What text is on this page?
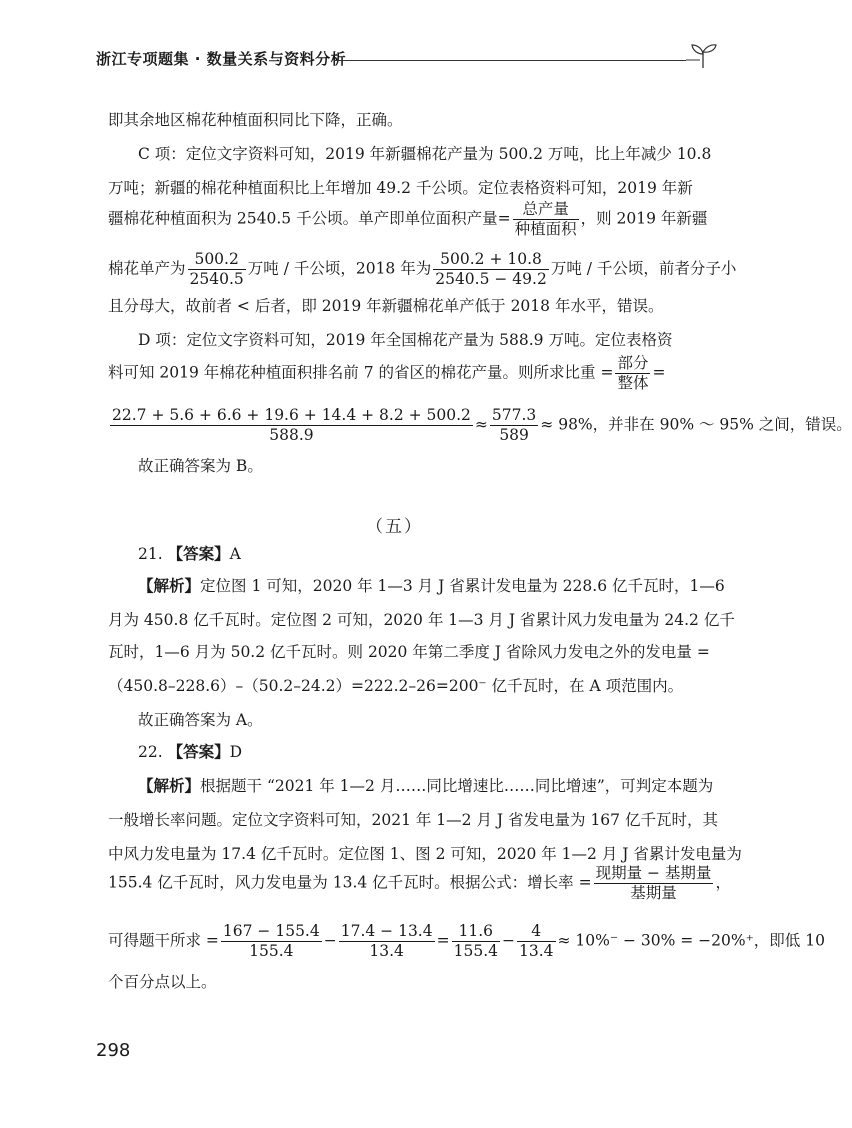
浙江专项题集 · 数量关系与资料分析
即其余地区棉花种植面积同比下降，正确。
C 项：定位文字资料可知，2019 年新疆棉花产量为 500.2 万吨，比上年减少 10.8
万吨；新疆的棉花种植面积比上年增加 49.2 千公顷。定位表格资料可知，2019 年新
疆棉花种植面积为 2540.5 千公顷。单产即单位面积产量= $\frac{\text{总产量}}{\text{种植面积}}$ ，则 2019 年新疆
棉花单产为 $\frac{500.2}{2540.5}$ 万吨 / 千公顷，2018 年为 $\frac{500.2 + 10.8}{2540.5 - 49.2}$ 万吨 / 千公顷，前者分子小
且分母大，故前者 < 后者，即 2019 年新疆棉花单产低于 2018 年水平，错误。
D 项：定位文字资料可知，2019 年全国棉花产量为 588.9 万吨。定位表格资
料可知 2019 年棉花种植面积排名前 7 的省区的棉花产量。则所求比重 = $\frac{\text{部分}}{\text{整体}}$ =
$\frac{22.7 + 5.6 + 6.6 + 19.6 + 14.4 + 8.2 + 500.2}{588.9} \approx \frac{577.3}{589} \approx 98\%$，并非在 90% ～ 95% 之间，错误。
故正确答案为 B。
（五）
21. 【答案】A
【解析】定位图 1 可知，2020 年 1—3 月 J 省累计发电量为 228.6 亿千瓦时，1—6
月为 450.8 亿千瓦时。定位图 2 可知，2020 年 1—3 月 J 省累计风力发电量为 24.2 亿千
瓦时，1—6 月为 50.2 亿千瓦时。则 2020 年第二季度 J 省除风力发电之外的发电量 =
（450.8–228.6）–（50.2–24.2）=222.2–26=200⁻ 亿千瓦时，在 A 项范围内。
故正确答案为 A。
22. 【答案】D
【解析】根据题干 “2021 年 1—2 月……同比增速比……同比增速”，可判定本题为
一般增长率问题。定位文字资料可知，2021 年 1—2 月 J 省发电量为 167 亿千瓦时，其
中风力发电量为 17.4 亿千瓦时。定位图 1、图 2 可知，2020 年 1—2 月 J 省累计发电量为
155.4 亿千瓦时，风力发电量为 13.4 亿千瓦时。根据公式：增长率 = $\frac{\text{现期量 − 基期量}}{\text{基期量}}$ ，
可得题干所求 = $\frac{167 - 155.4}{155.4} - \frac{17.4 - 13.4}{13.4} = \frac{11.6}{155.4} - \frac{4}{13.4} \approx 10\%^- - 30\% = -20\%^+$，即低 10
个百分点以上。
298
